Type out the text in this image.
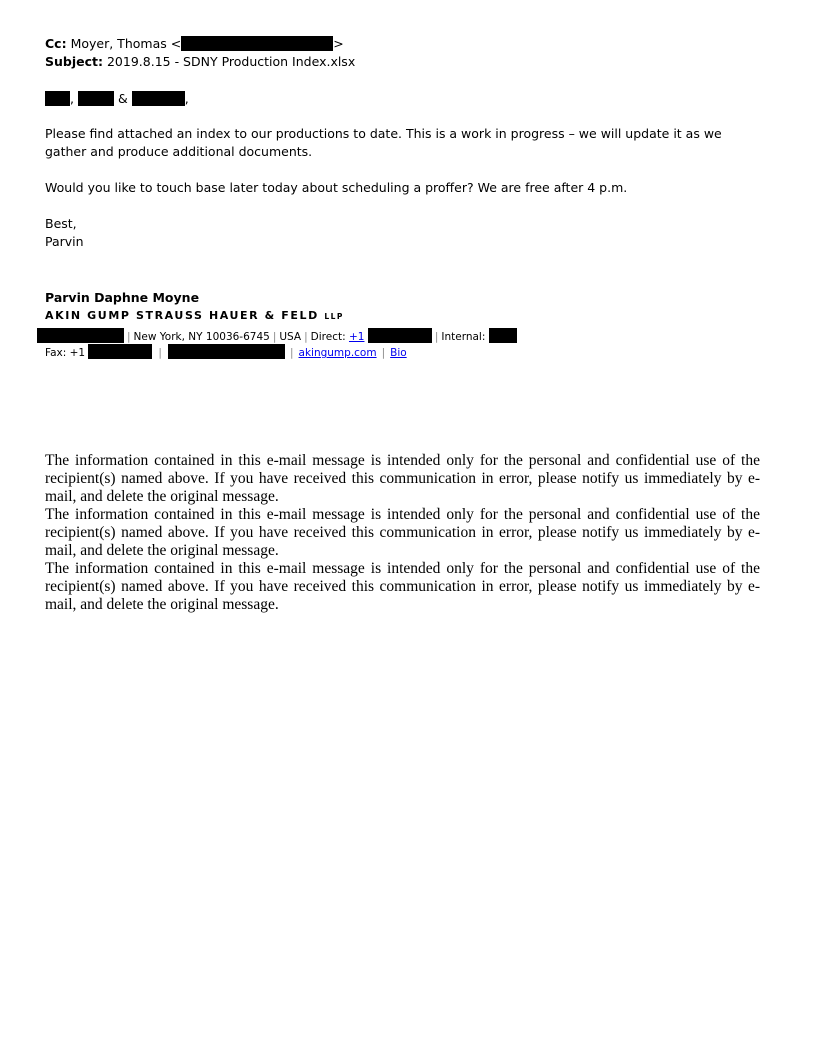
Cc: Moyer, Thomas <	>
Subject: 2019.8.15 - SDNY Production Index.xlsx
,	&	,
Please find attached an index to our productions to date. This is a work in progress – we will update it as we gather and produce additional documents.
Would you like to touch base later today about scheduling a proffer? We are free after 4 p.m.
Best,
Parvin
Parvin Daphne Moyne
AKIN GUMP STRAUSS HAUER & FELD LLP
| New York, NY 10036-6745 | USA | Direct: +1	| Internal:
Fax: +1	|	| akingump.com | Bio

The information contained in this e-mail message is intended only for the personal and confidential use of the recipient(s) named above. If you have received this communication in error, please notify us immediately by e-mail, and delete the original message.

The information contained in this e-mail message is intended only for the personal and confidential use of the recipient(s) named above. If you have received this communication in error, please notify us immediately by e-mail, and delete the original message.

The information contained in this e-mail message is intended only for the personal and confidential use of the recipient(s) named above. If you have received this communication in error, please notify us immediately by e-mail, and delete the original message.
